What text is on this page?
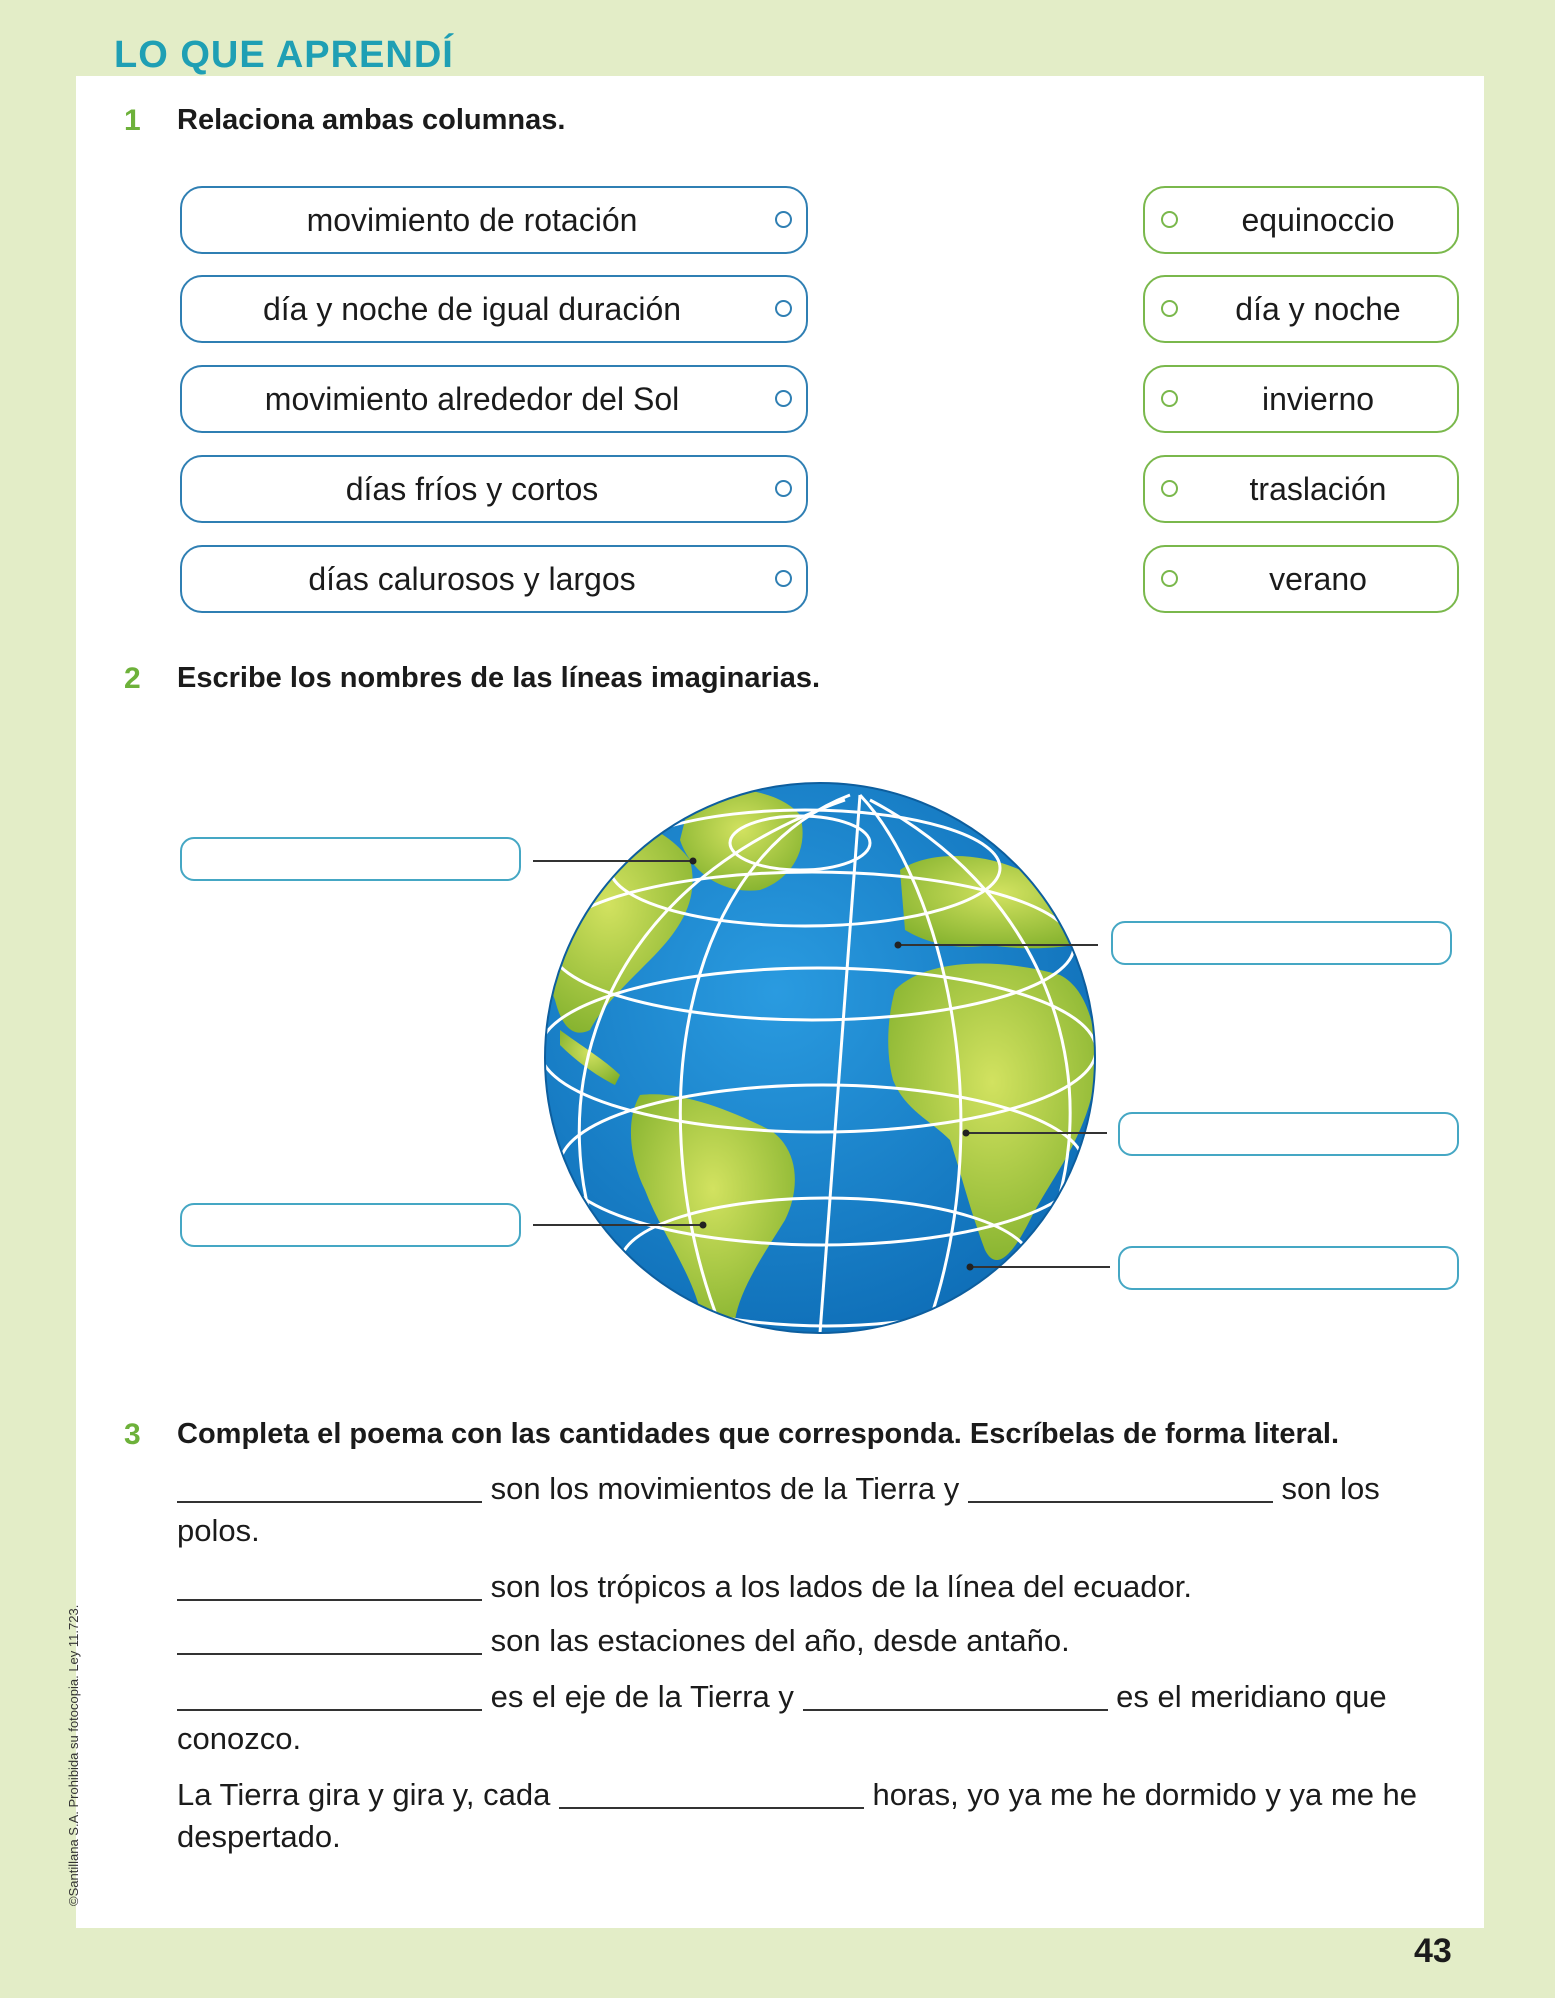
LO QUE APRENDÍ
1 Relaciona ambas columnas.
movimiento de rotación
día y noche de igual duración
movimiento alrededor del Sol
días fríos y cortos
días calurosos y largos
equinoccio
día y noche
invierno
traslación
verano
2 Escribe los nombres de las líneas imaginarias.
3 Completa el poema con las cantidades que corresponda. Escríbelas de forma literal.
son los movimientos de la Tierra y	son los polos.
son los trópicos a los lados de la línea del ecuador.
son las estaciones del año, desde antaño.
es el eje de la Tierra y	es el meridiano que conozco.
La Tierra gira y gira y, cada	horas, yo ya me he dormido y ya me he despertado.
43
©Santillana S.A. Prohibida su fotocopia. Ley 11.723.
